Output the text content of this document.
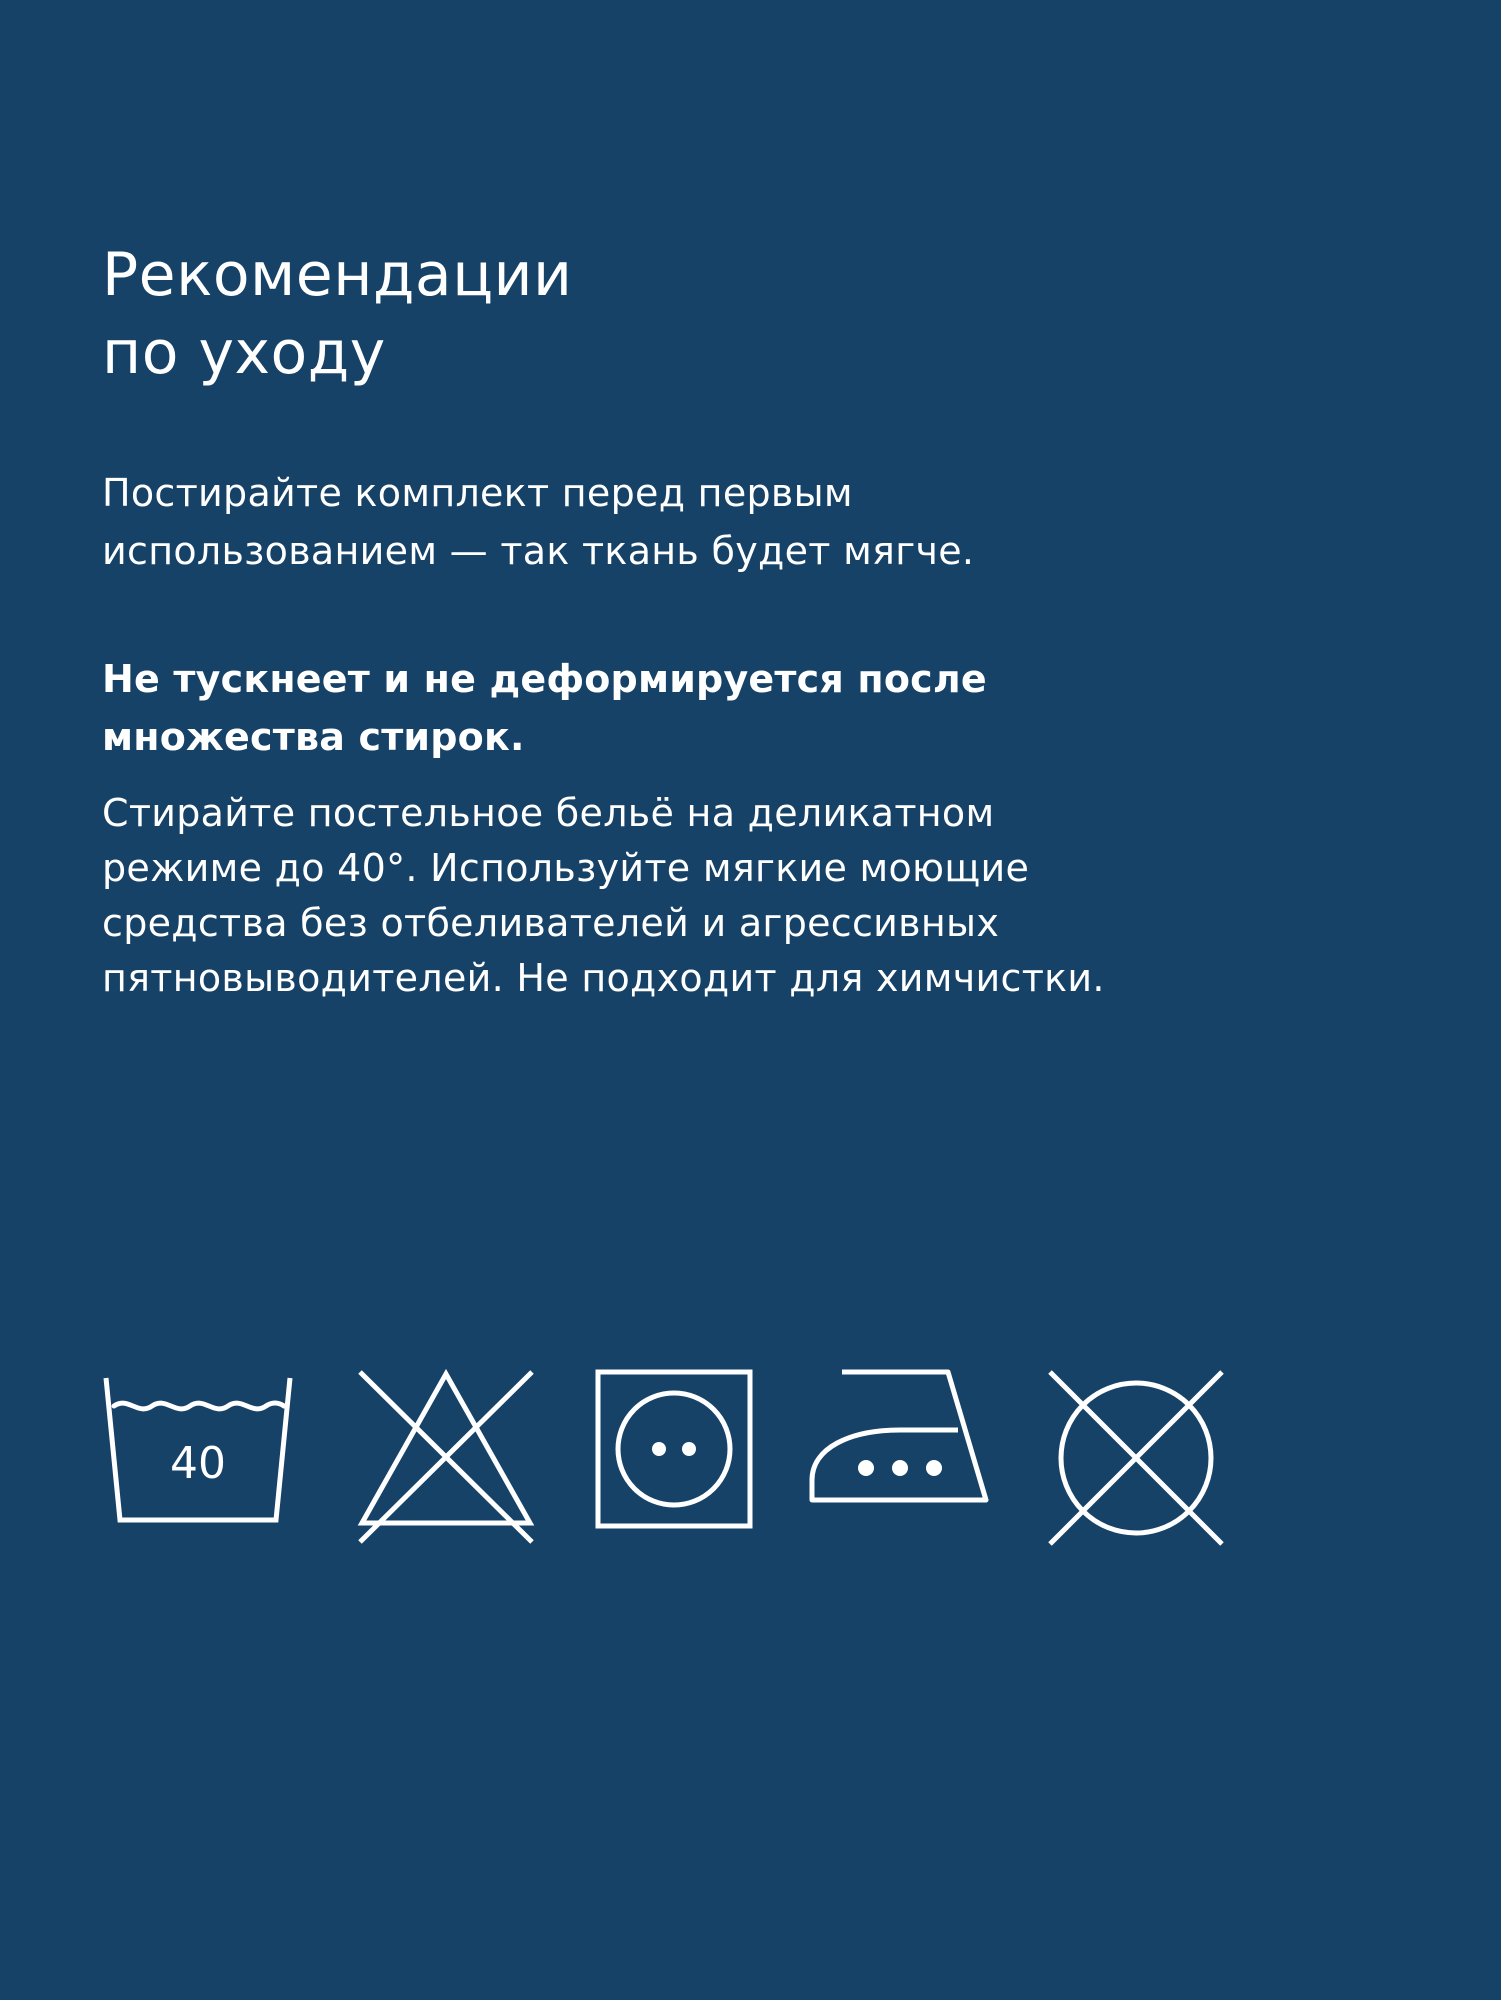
Рекомендации
по уходу

Постирайте комплект перед первым
использованием — так ткань будет мягче.

Не тускнеет и не деформируется после
множества стирок.

Стирайте постельное бельё на деликатном
режиме до 40°. Используйте мягкие моющие
средства без отбеливателей и агрессивных
пятновыводителей. Не подходит для химчистки.

40
